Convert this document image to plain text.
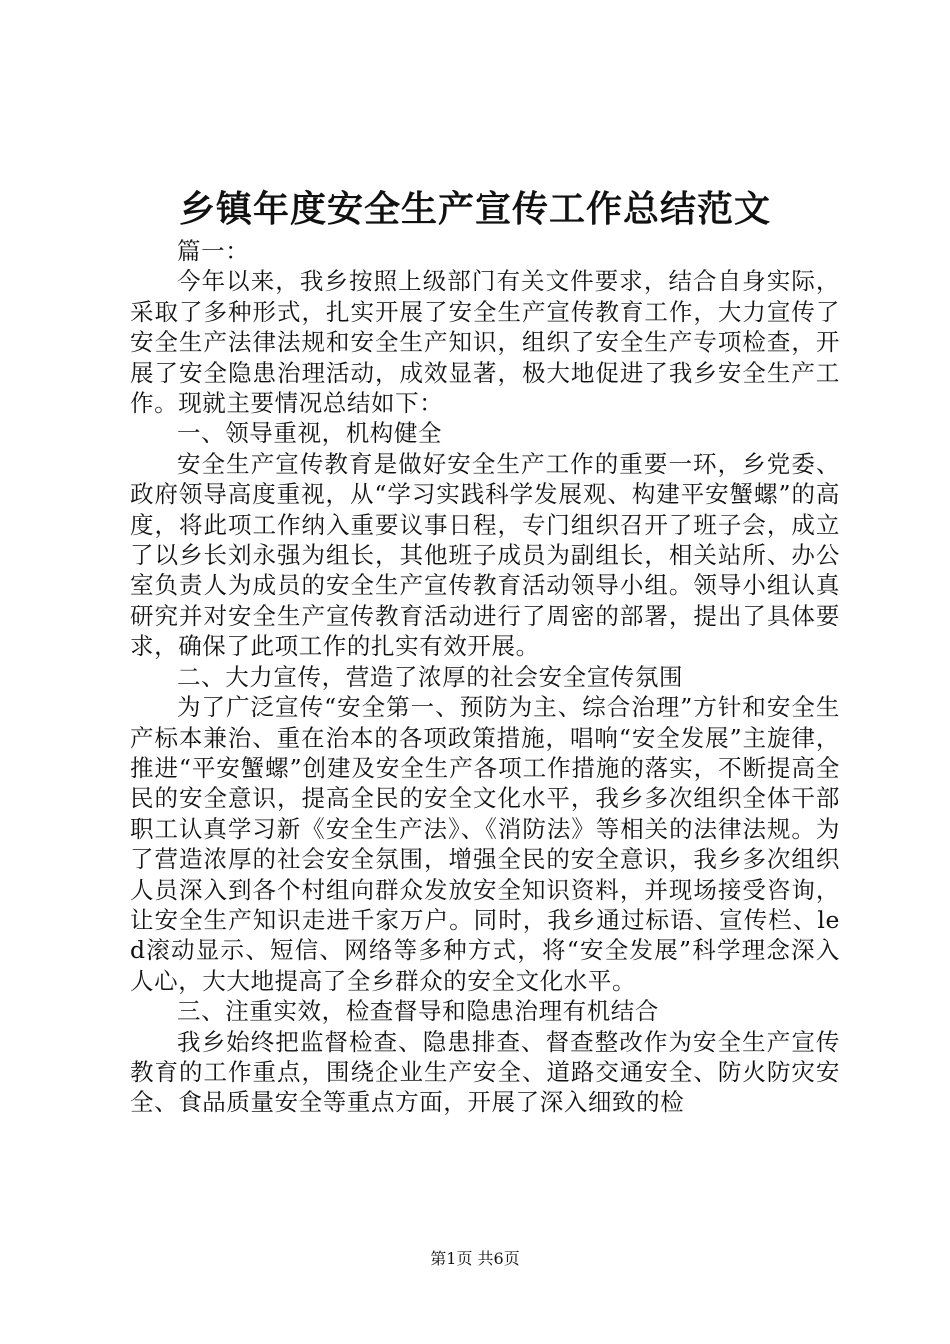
乡镇年度安全生产宣传工作总结范文

篇一：

今年以来，我乡按照上级部门有关文件要求，结合自身实际，采取了多种形式，扎实开展了安全生产宣传教育工作，大力宣传了安全生产法律法规和安全生产知识，组织了安全生产专项检查，开展了安全隐患治理活动，成效显著，极大地促进了我乡安全生产工作。现就主要情况总结如下：

一、领导重视，机构健全

安全生产宣传教育是做好安全生产工作的重要一环，乡党委、政府领导高度重视，从“学习实践科学发展观、构建平安蟹螺”的高度，将此项工作纳入重要议事日程，专门组织召开了班子会，成立了以乡长刘永强为组长，其他班子成员为副组长，相关站所、办公室负责人为成员的安全生产宣传教育活动领导小组。领导小组认真研究并对安全生产宣传教育活动进行了周密的部署，提出了具体要求，确保了此项工作的扎实有效开展。

二、大力宣传，营造了浓厚的社会安全宣传氛围

为了广泛宣传“安全第一、预防为主、综合治理”方针和安全生产标本兼治、重在治本的各项政策措施，唱响“安全发展”主旋律，推进“平安蟹螺”创建及安全生产各项工作措施的落实，不断提高全民的安全意识，提高全民的安全文化水平，我乡多次组织全体干部职工认真学习新《安全生产法》、《消防法》等相关的法律法规。为了营造浓厚的社会安全氛围，增强全民的安全意识，我乡多次组织人员深入到各个村组向群众发放安全知识资料，并现场接受咨询，让安全生产知识走进千家万户。同时，我乡通过标语、宣传栏、led滚动显示、短信、网络等多种方式，将“安全发展”科学理念深入人心，大大地提高了全乡群众的安全文化水平。

三、注重实效，检查督导和隐患治理有机结合

我乡始终把监督检查、隐患排查、督查整改作为安全生产宣传教育的工作重点，围绕企业生产安全、道路交通安全、防火防灾安全、食品质量安全等重点方面，开展了深入细致的检

第1页 共6页
